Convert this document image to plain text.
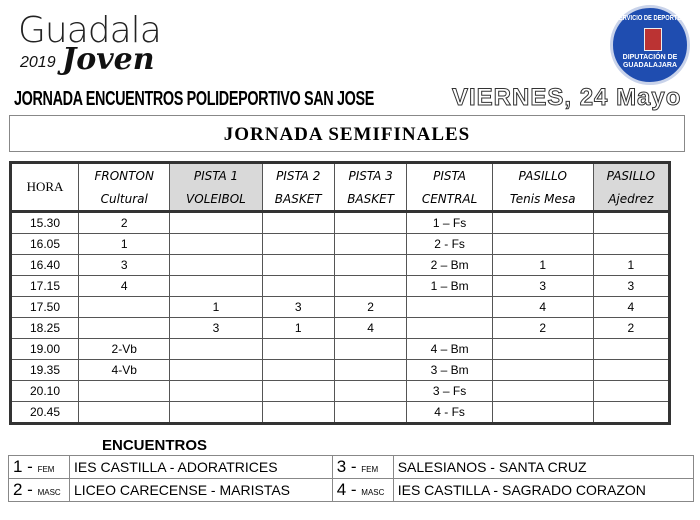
Guadala
2019 Joven
SERVICIO DE DEPORTES
DIPUTACIÓN DE
GUADALAJARA
JORNADA ENCUENTROS POLIDEPORTIVO SAN JOSE	VIERNES, 24 Mayo
JORNADA SEMIFINALES
HORA	FRONTON	PISTA 1	PISTA 2	PISTA 3	PISTA	PASILLO	PASILLO
	Cultural	VOLEIBOL	BASKET	BASKET	CENTRAL	Tenis Mesa	Ajedrez
15.30	2				1 – Fs		
16.05	1				2 - Fs		
16.40	3				2 – Bm	1	1
17.15	4				1 – Bm	3	3
17.50		1	3	2		4	4
18.25		3	1	4		2	2
19.00	2-Vb				4 – Bm		
19.35	4-Vb				3 – Bm		
20.10					3 – Fs		
20.45					4 - Fs		
ENCUENTROS
1 - FEM	IES CASTILLA - ADORATRICES	3 - FEM	SALESIANOS - SANTA CRUZ
2 - MASC	LICEO CARECENSE - MARISTAS	4 - MASC	IES CASTILLA - SAGRADO CORAZON
